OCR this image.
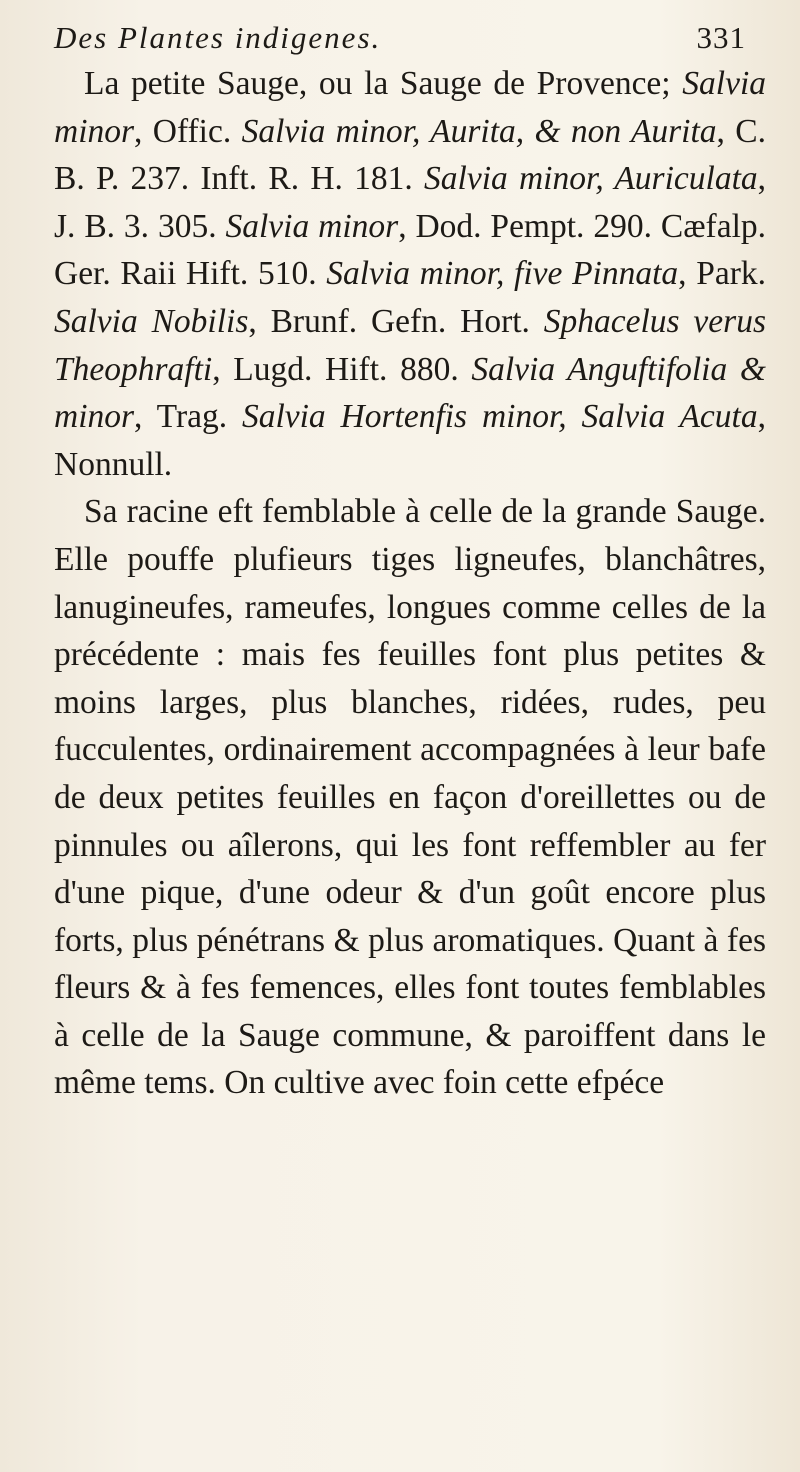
Des Plantes indigenes.	331

La petite Sauge, ou la Sauge de Provence; Salvia minor, Offic. Salvia minor, Aurita, & non Aurita, C. B. P. 237. Inft. R. H. 181. Salvia minor, Auriculata, J. B. 3. 305. Salvia minor, Dod. Pempt. 290. Cæfalp. Ger. Raii Hift. 510. Salvia minor, five Pinnata, Park. Salvia Nobilis, Brunf. Gefn. Hort. Sphacelus verus Theophrafti, Lugd. Hift. 880. Salvia Anguftifolia & minor, Trag. Salvia Hortenfis minor, Salvia Acuta, Nonnull.

Sa racine eft femblable à celle de la grande Sauge. Elle pouffe plufieurs tiges ligneufes, blanchâtres, lanugineufes, rameufes, longues comme celles de la précédente : mais fes feuilles font plus petites & moins larges, plus blanches, ridées, rudes, peu fucculentes, ordinairement accompagnées à leur bafe de deux petites feuilles en façon d'oreillettes ou de pinnules ou aîlerons, qui les font reffembler au fer d'une pique, d'une odeur & d'un goût encore plus forts, plus pénétrans & plus aromatiques. Quant à fes fleurs & à fes femences, elles font toutes femblables à celle de la Sauge commune, & paroiffent dans le même tems. On cultive avec foin cette efpéce
